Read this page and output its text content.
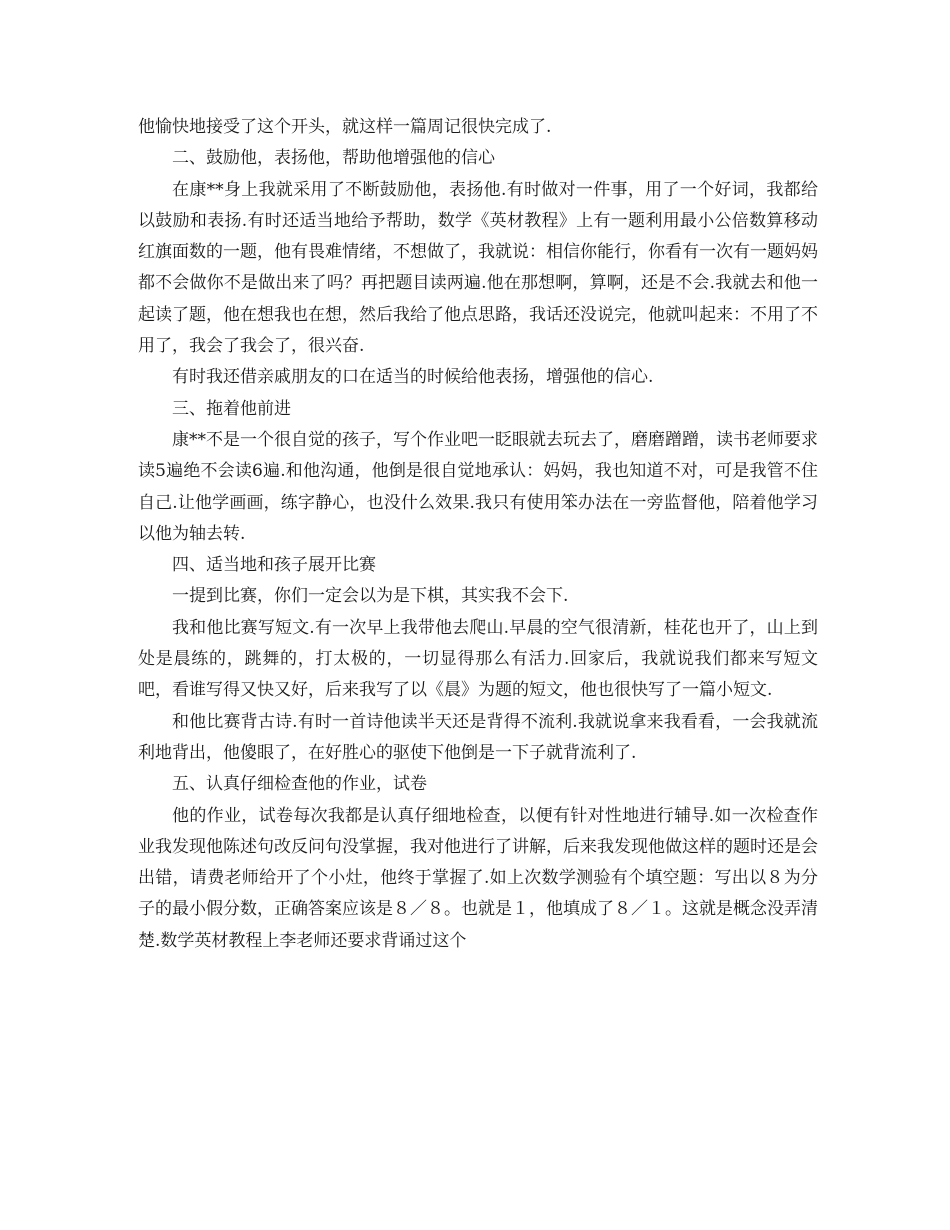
他愉快地接受了这个开头，就这样一篇周记很快完成了.

二、鼓励他，表扬他，帮助他增强他的信心

在康**身上我就采用了不断鼓励他，表扬他.有时做对一件事，用了一个好词，我都给以鼓励和表扬.有时还适当地给予帮助，数学《英材教程》上有一题利用最小公倍数算移动红旗面数的一题，他有畏难情绪，不想做了，我就说：相信你能行，你看有一次有一题妈妈都不会做你不是做出来了吗？再把题目读两遍.他在那想啊，算啊，还是不会.我就去和他一起读了题，他在想我也在想，然后我给了他点思路，我话还没说完，他就叫起来：不用了不用了，我会了我会了，很兴奋.

有时我还借亲戚朋友的口在适当的时候给他表扬，增强他的信心.

三、拖着他前进

康**不是一个很自觉的孩子，写个作业吧一眨眼就去玩去了，磨磨蹭蹭，读书老师要求读5遍绝不会读6遍.和他沟通，他倒是很自觉地承认：妈妈，我也知道不对，可是我管不住自己.让他学画画，练字静心，也没什么效果.我只有使用笨办法在一旁监督他，陪着他学习以他为轴去转.

四、适当地和孩子展开比赛

一提到比赛，你们一定会以为是下棋，其实我不会下.

我和他比赛写短文.有一次早上我带他去爬山.早晨的空气很清新，桂花也开了，山上到处是晨练的，跳舞的，打太极的，一切显得那么有活力.回家后，我就说我们都来写短文吧，看谁写得又快又好，后来我写了以《晨》为题的短文，他也很快写了一篇小短文.

和他比赛背古诗.有时一首诗他读半天还是背得不流利.我就说拿来我看看，一会我就流利地背出，他傻眼了，在好胜心的驱使下他倒是一下子就背流利了.

五、认真仔细检查他的作业，试卷

他的作业，试卷每次我都是认真仔细地检查，以便有针对性地进行辅导.如一次检查作业我发现他陈述句改反问句没掌握，我对他进行了讲解，后来我发现他做这样的题时还是会出错，请费老师给开了个小灶，他终于掌握了.如上次数学测验有个填空题：写出以８为分子的最小假分数，正确答案应该是８／８。也就是１，他填成了８／１。这就是概念没弄清楚.数学英材教程上李老师还要求背诵过这个
